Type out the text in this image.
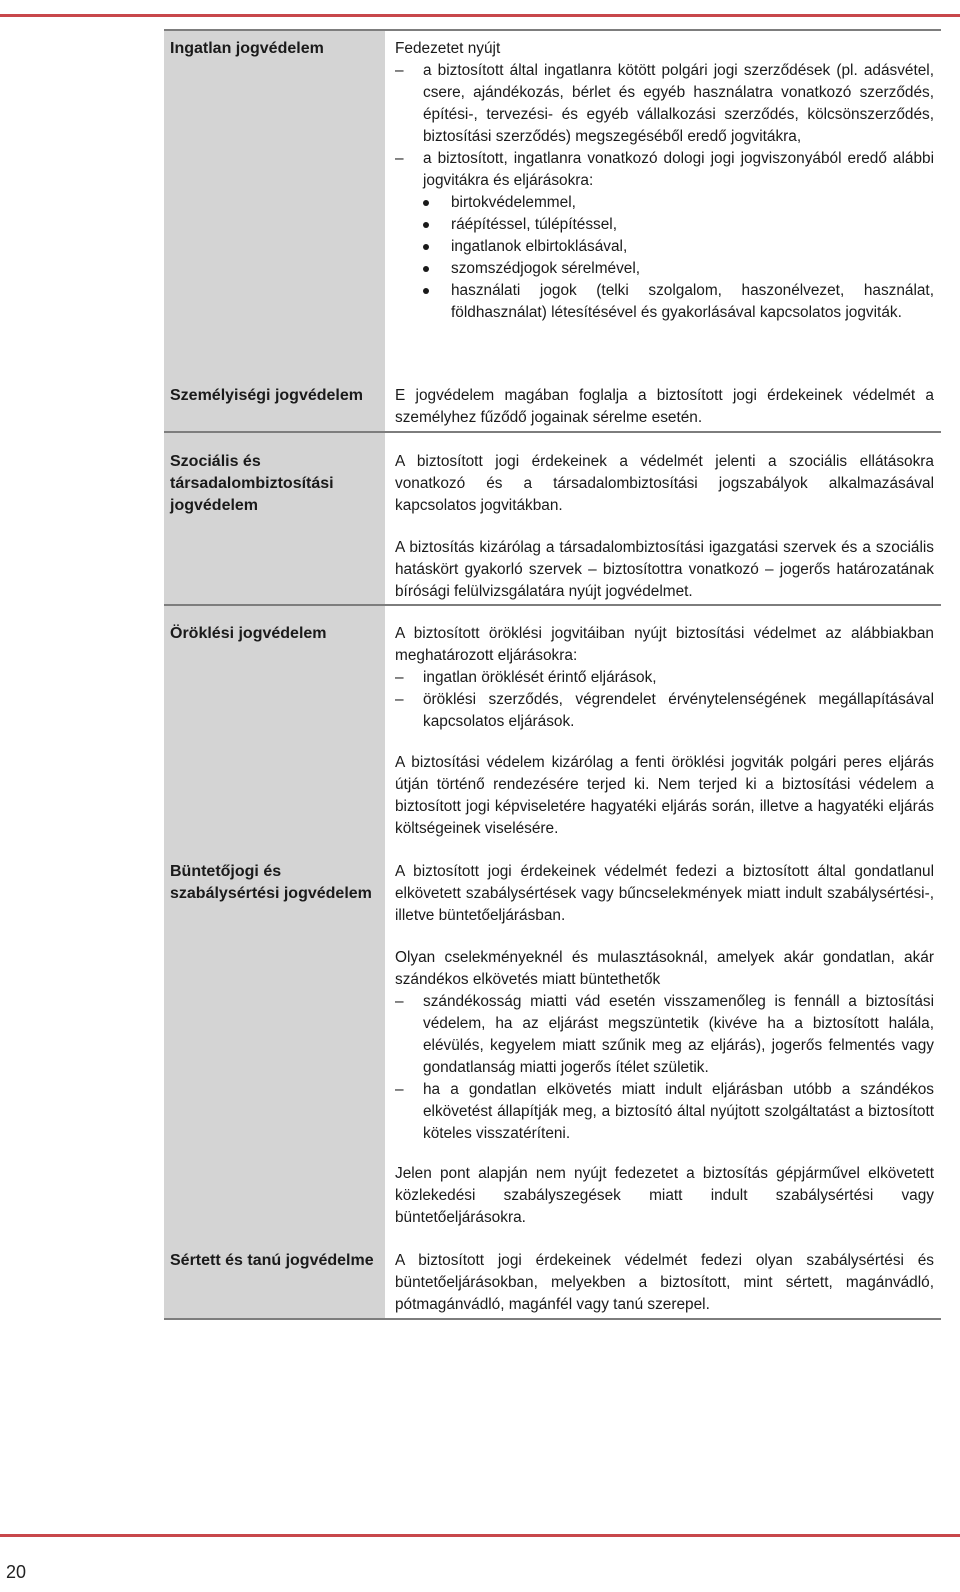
Ingatlan jogvédelem
Személyiségi jogvédelem
Szociális és társadalombiztosítási jogvédelem
Öröklési jogvédelem
Büntetőjogi és szabálysértési jogvédelem
Sértett és tanú jogvédelme

Fedezetet nyújt

– a biztosított által ingatlanra kötött polgári jogi szerződések (pl. adásvétel, csere, ajándékozás, bérlet és egyéb használatra vonatkozó szerződés, építési-, tervezési- és egyéb vállalkozási szerződés, kölcsönszerződés, biztosítási szerződés) megszegéséből eredő jogvitákra,
– a biztosított, ingatlanra vonatkozó dologi jogi jogviszonyából eredő alábbi jogvitákra és eljárásokra:
birtokvédelemmel,
ráépítéssel, túlépítéssel,
ingatlanok elbirtoklásával,
szomszédjogok sérelmével,
használati jogok (telki szolgalom, haszonélvezet, használat, földhasználat) létesítésével és gyakorlásával kapcsolatos jogviták.

E jogvédelem magában foglalja a biztosított jogi érdekeinek védelmét a személyhez fűződő jogainak sérelme esetén.

A biztosított jogi érdekeinek a védelmét jelenti a szociális ellátásokra vonatkozó és a társadalombiztosítási jogszabályok alkalmazásával kapcsolatos jogvitákban.

A biztosítás kizárólag a társadalombiztosítási igazgatási szervek és a szociális hatáskört gyakorló szervek – biztosítottra vonatkozó – jogerős határozatának bírósági felülvizsgálatára nyújt jogvédelmet.

A biztosított öröklési jogvitáiban nyújt biztosítási védelmet az alábbiakban meghatározott eljárásokra:

– ingatlan öröklését érintő eljárások,
– öröklési szerződés, végrendelet érvénytelenségének megállapításával kapcsolatos eljárások.

A biztosítási védelem kizárólag a fenti öröklési jogviták polgári peres eljárás útján történő rendezésére terjed ki. Nem terjed ki a biztosítási védelem a biztosított jogi képviseletére hagyatéki eljárás során, illetve a hagyatéki eljárás költségeinek viselésére.

A biztosított jogi érdekeinek védelmét fedezi a biztosított által gondatlanul elkövetett szabálysértések vagy bűncselekmények miatt indult szabálysértési-, illetve büntetőeljárásban.

Olyan cselekményeknél és mulasztásoknál, amelyek akár gondatlan, akár szándékos elkövetés miatt büntethetők

– szándékosság miatti vád esetén visszamenőleg is fennáll a biztosítási védelem, ha az eljárást megszüntetik (kivéve ha a biztosított halála, elévülés, kegyelem miatt szűnik meg az eljárás), jogerős felmentés vagy gondatlanság miatti jogerős ítélet születik.
– ha a gondatlan elkövetés miatt indult eljárásban utóbb a szándékos elkövetést állapítják meg, a biztosító által nyújtott szolgáltatást a biztosított köteles visszatéríteni.

Jelen pont alapján nem nyújt fedezetet a biztosítás gépjárművel elkövetett közlekedési szabályszegések miatt indult szabálysértési vagy büntetőeljárásokra.

A biztosított jogi érdekeinek védelmét fedezi olyan szabálysértési és büntetőeljárásokban, melyekben a biztosított, mint sértett, magánvádló, pótmagánvádló, magánfél vagy tanú szerepel.

20
